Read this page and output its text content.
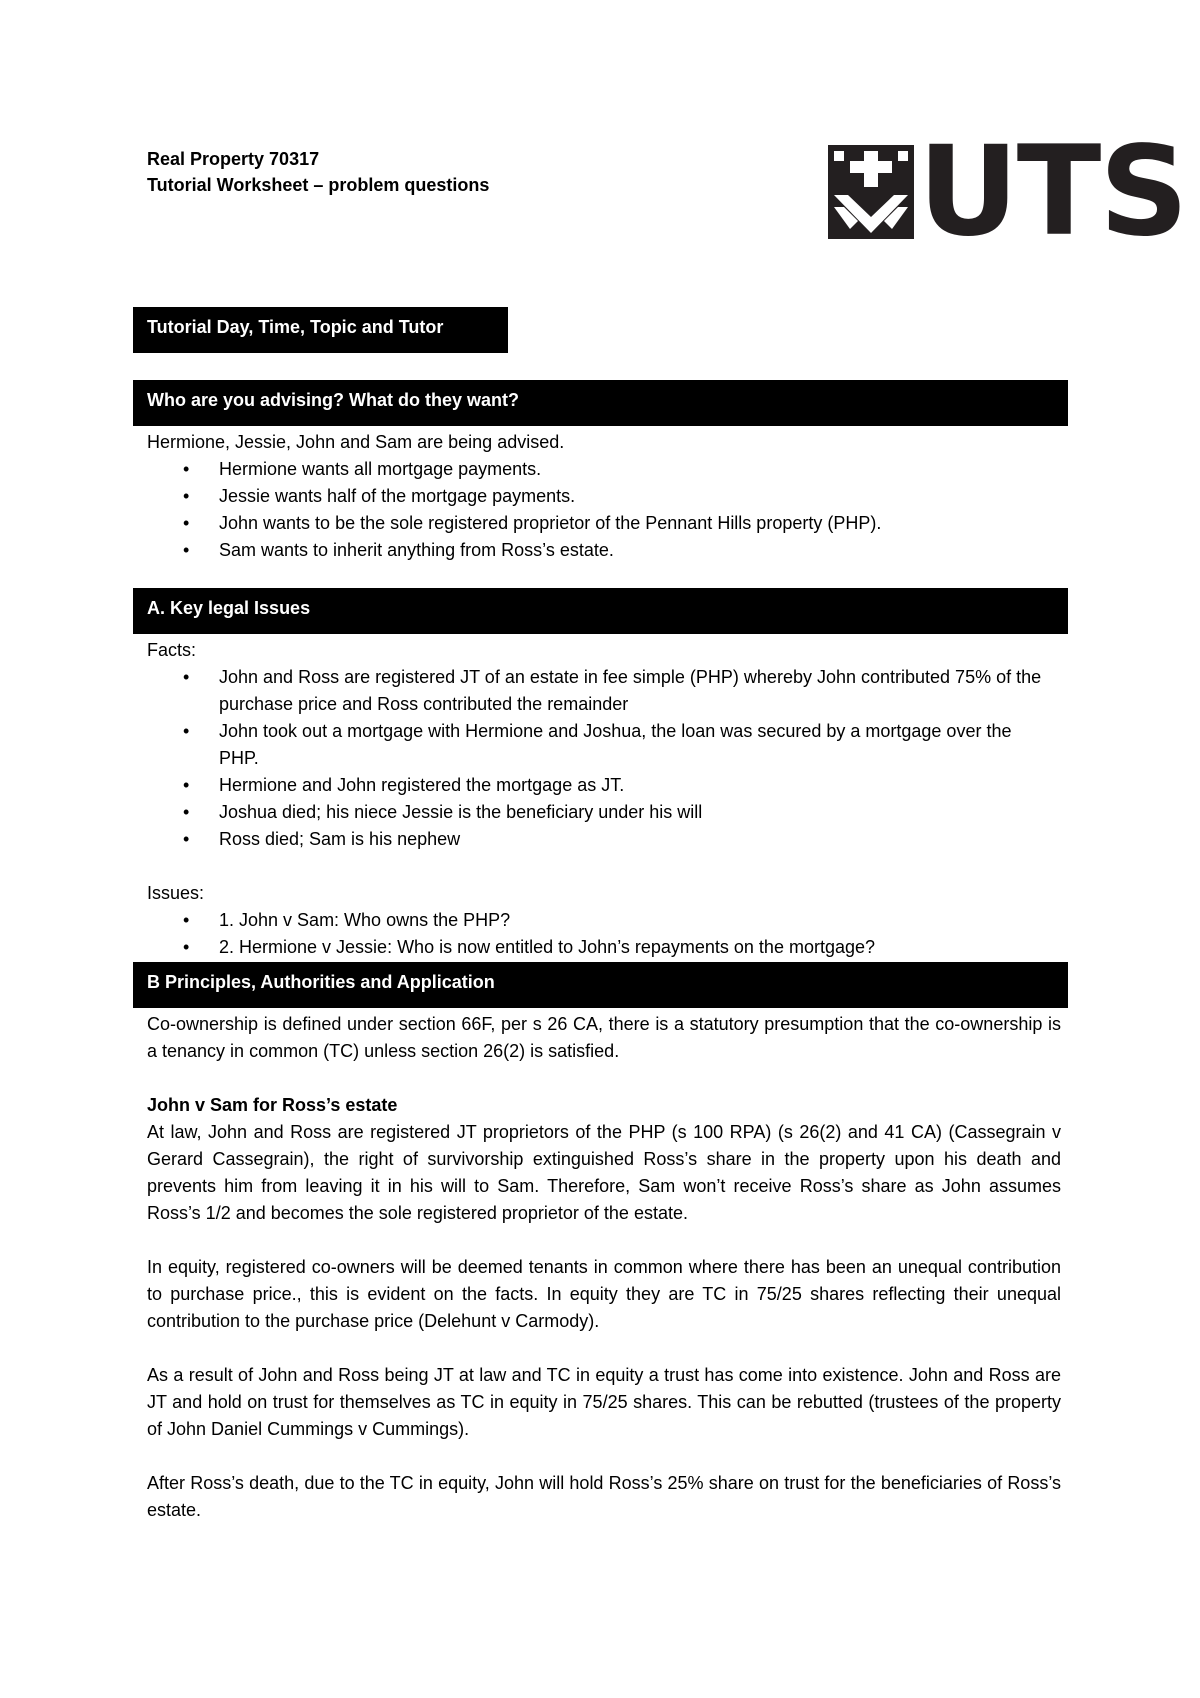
Real Property 70317
Tutorial Worksheet – problem questions	UTS
Tutorial Day, Time, Topic and Tutor
Who are you advising? What do they want?

Hermione, Jessie, John and Sam are being advised.

• Hermione wants all mortgage payments.
• Jessie wants half of the mortgage payments.
• John wants to be the sole registered proprietor of the Pennant Hills property (PHP).
• Sam wants to inherit anything from Ross’s estate.
A. Key legal Issues

Facts:

• John and Ross are registered JT of an estate in fee simple (PHP) whereby John contributed 75% of the purchase price and Ross contributed the remainder
• John took out a mortgage with Hermione and Joshua, the loan was secured by a mortgage over the PHP.
• Hermione and John registered the mortgage as JT.
• Joshua died; his niece Jessie is the beneficiary under his will
• Ross died; Sam is his nephew

Issues:

• 1. John v Sam: Who owns the PHP?
• 2. Hermione v Jessie: Who is now entitled to John’s repayments on the mortgage?
B Principles, Authorities and Application

Co-ownership is defined under section 66F, per s 26 CA, there is a statutory presumption that the co-ownership is a tenancy in common (TC) unless section 26(2) is satisfied.

John v Sam for Ross’s estate

At law, John and Ross are registered JT proprietors of the PHP (s 100 RPA) (s 26(2) and 41 CA) (Cassegrain v Gerard Cassegrain), the right of survivorship extinguished Ross’s share in the property upon his death and prevents him from leaving it in his will to Sam. Therefore, Sam won’t receive Ross’s share as John assumes Ross’s 1/2 and becomes the sole registered proprietor of the estate.

In equity, registered co-owners will be deemed tenants in common where there has been an unequal contribution to purchase price., this is evident on the facts. In equity they are TC in 75/25 shares reflecting their unequal contribution to the purchase price (Delehunt v Carmody).

As a result of John and Ross being JT at law and TC in equity a trust has come into existence. John and Ross are JT and hold on trust for themselves as TC in equity in 75/25 shares. This can be rebutted (trustees of the property of John Daniel Cummings v Cummings).

After Ross’s death, due to the TC in equity, John will hold Ross’s 25% share on trust for the beneficiaries of Ross’s estate.
